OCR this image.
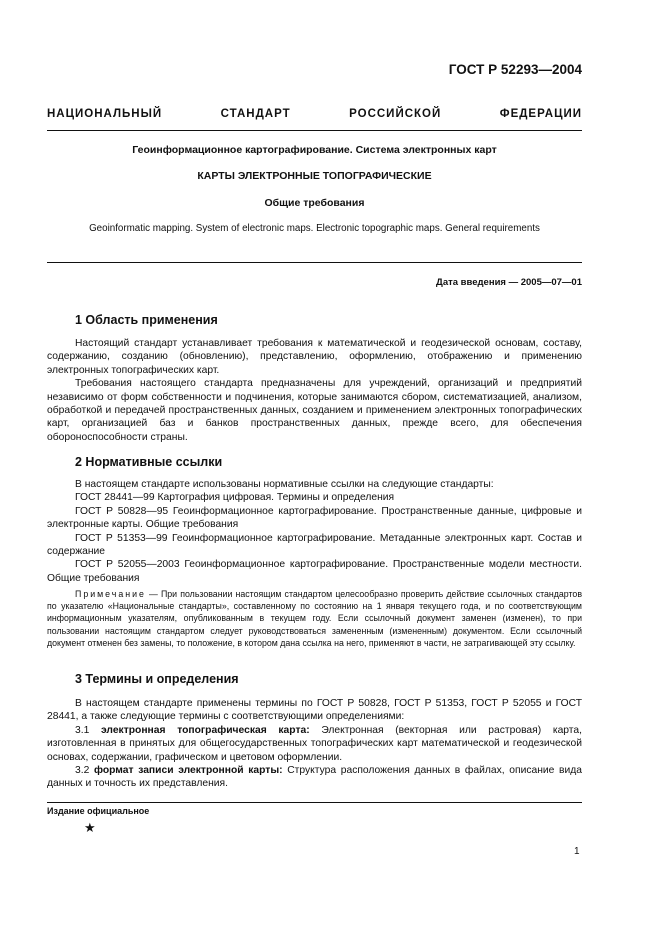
ГОСТ Р 52293—2004
НАЦИОНАЛЬНЫЙ СТАНДАРТ РОССИЙСКОЙ ФЕДЕРАЦИИ
Геоинформационное картографирование. Система электронных карт
КАРТЫ ЭЛЕКТРОННЫЕ ТОПОГРАФИЧЕСКИЕ
Общие требования
Geoinformatic mapping. System of electronic maps. Electronic topographic maps. General requirements
Дата введения — 2005—07—01
1 Область применения

Настоящий стандарт устанавливает требования к математической и геодезической основам, составу, содержанию, созданию (обновлению), представлению, оформлению, отображению и применению электронных топографических карт.

Требования настоящего стандарта предназначены для учреждений, организаций и предприятий независимо от форм собственности и подчинения, которые занимаются сбором, систематизацией, анализом, обработкой и передачей пространственных данных, созданием и применением электронных топографических карт, организацией баз и банков пространственных данных, прежде всего, для обеспечения обороноспособности страны.

2 Нормативные ссылки

В настоящем стандарте использованы нормативные ссылки на следующие стандарты:

ГОСТ 28441—99 Картография цифровая. Термины и определения

ГОСТ Р 50828—95 Геоинформационное картографирование. Пространственные данные, цифровые и электронные карты. Общие требования

ГОСТ Р 51353—99 Геоинформационное картографирование. Метаданные электронных карт. Состав и содержание

ГОСТ Р 52055—2003 Геоинформационное картографирование. Пространственные модели местности. Общие требования

Примечание — При пользовании настоящим стандартом целесообразно проверить действие ссылочных стандартов по указателю «Национальные стандарты», составленному по состоянию на 1 января текущего года, и по соответствующим информационным указателям, опубликованным в текущем году. Если ссылочный документ заменен (изменен), то при пользовании настоящим стандартом следует руководствоваться замененным (измененным) документом. Если ссылочный документ отменен без замены, то положение, в котором дана ссылка на него, применяют в части, не затрагивающей эту ссылку.

3 Термины и определения

В настоящем стандарте применены термины по ГОСТ Р 50828, ГОСТ Р 51353, ГОСТ Р 52055 и ГОСТ 28441, а также следующие термины с соответствующими определениями:

3.1 электронная топографическая карта: Электронная (векторная или растровая) карта, изготовленная в принятых для общегосударственных топографических карт математической и геодезической основах, содержании, графическом и цветовом оформлении.

3.2 формат записи электронной карты: Структура расположения данных в файлах, описание вида данных и точность их представления.

Издание официальное
★
1
